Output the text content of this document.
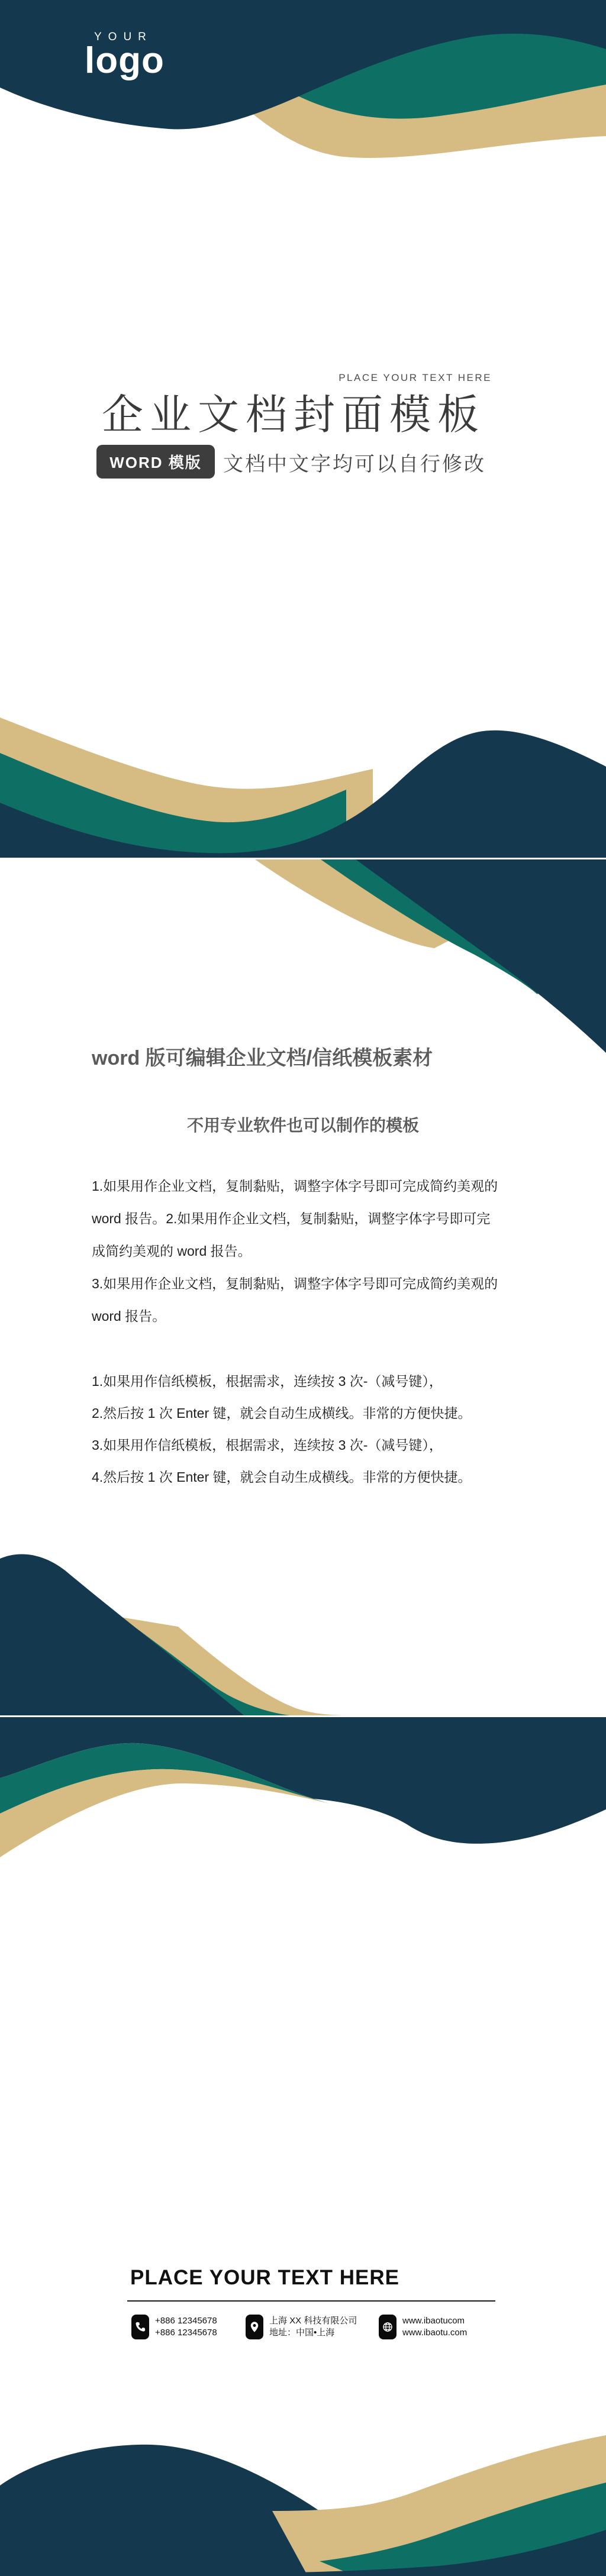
YOUR
logo
PLACE YOUR TEXT HERE
企业文档封面模板
WORD 模版	文档中文字均可以自行修改
word 版可编辑企业文档/信纸模板素材
不用专业软件也可以制作的模板
1.如果用作企业文档，复制黏贴，调整字体字号即可完成简约美观的
word 报告。2.如果用作企业文档，复制黏贴，调整字体字号即可完
成简约美观的 word 报告。
3.如果用作企业文档，复制黏贴，调整字体字号即可完成简约美观的
word 报告。
1.如果用作信纸模板，根据需求，连续按 3 次-（减号键），
2.然后按 1 次 Enter 键，就会自动生成横线。非常的方便快捷。
3.如果用作信纸模板，根据需求，连续按 3 次-（减号键），
4.然后按 1 次 Enter 键，就会自动生成横线。非常的方便快捷。
PLACE YOUR TEXT HERE
+886 12345678
+886 12345678
上海 XX 科技有限公司
地址：中国•上海
www.ibaotucom
www.ibaotu.com
